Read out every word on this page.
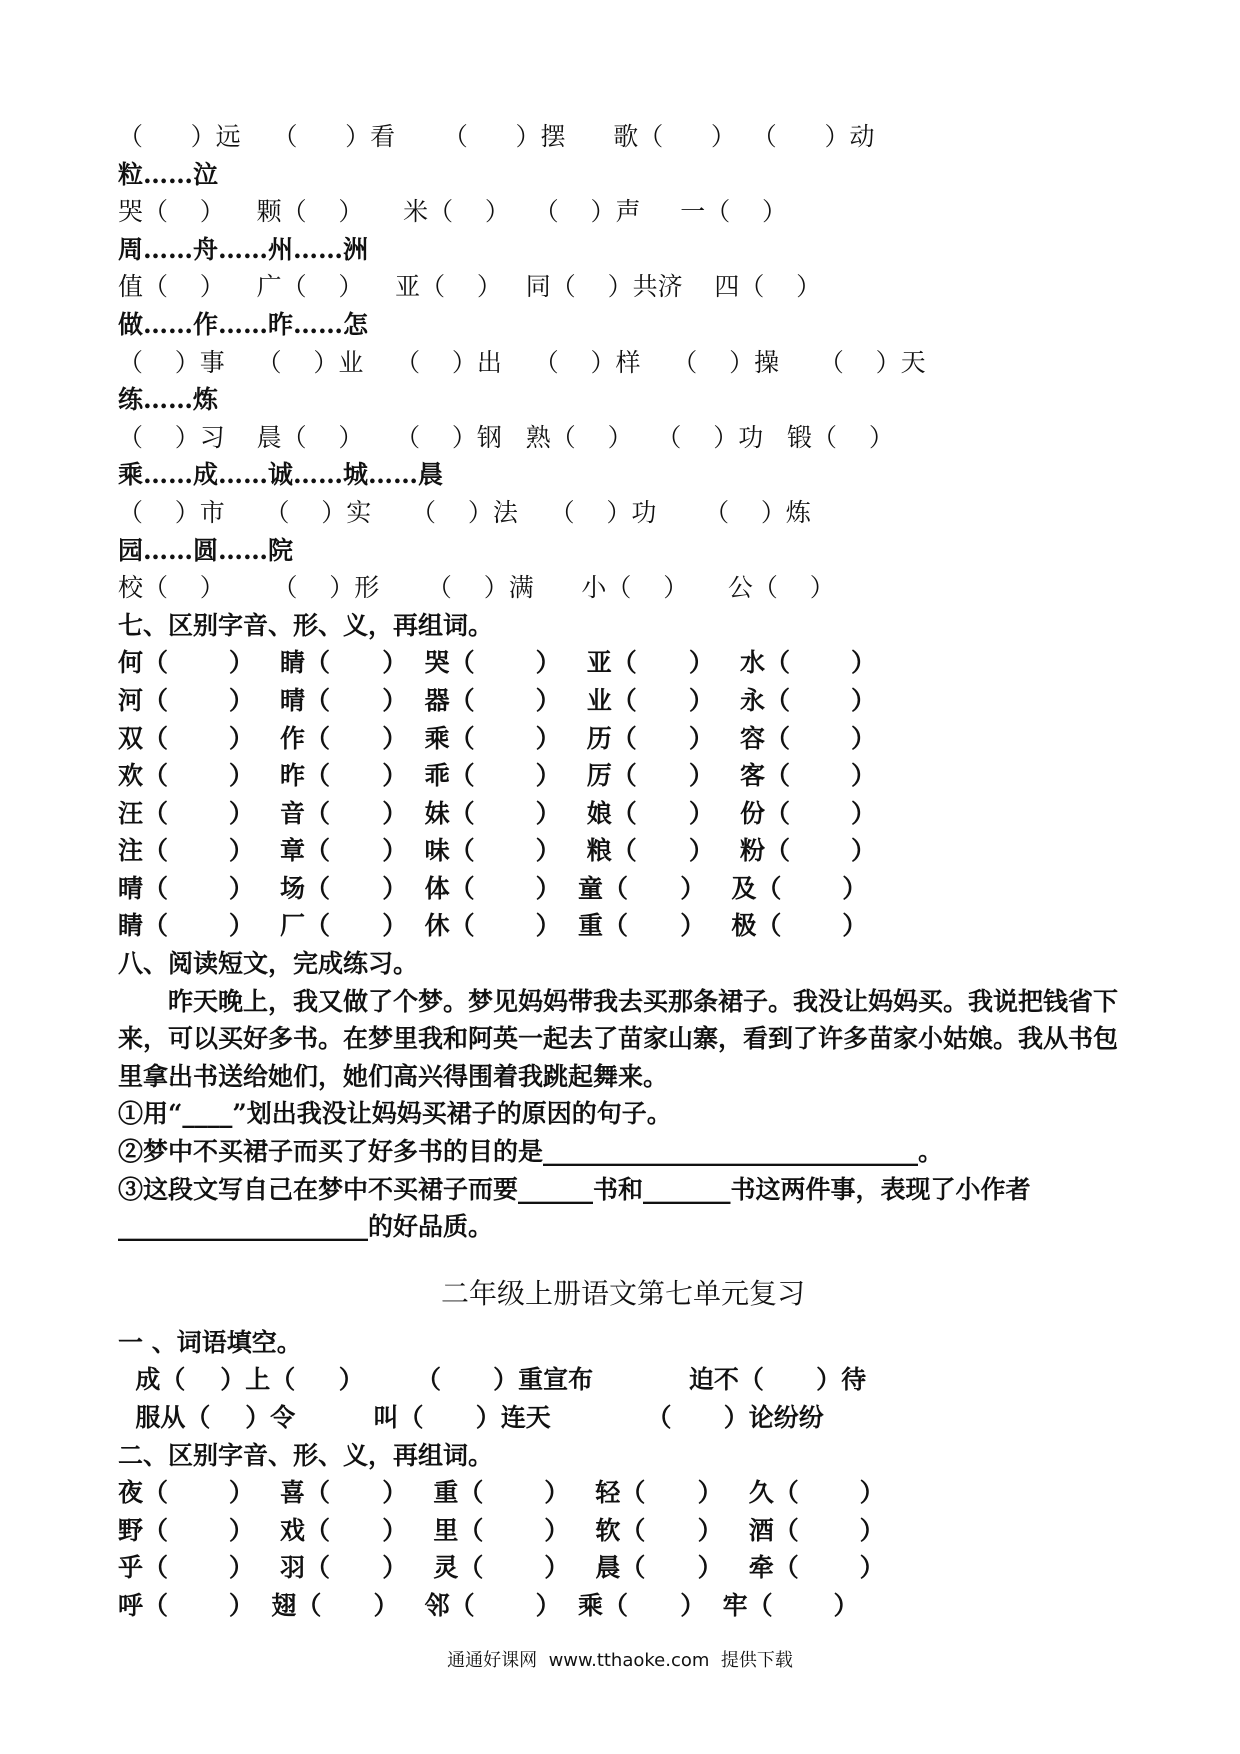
（      ）远    （      ）看      （      ）摆      歌（      ）  （      ）动
粒……泣
哭（    ）    颗（    ）     米（    ）   （    ）声     一（    ）
周……舟……州……洲
值（    ）    广（    ）    亚（    ）   同（    ）共济    四（    ）
做……作……昨……怎
（    ）事    （    ）业    （    ）出    （    ）样    （    ）操     （    ）天
练……炼
（    ）习    晨（    ）    （    ）钢   熟（    ）   （    ）功   锻（    ）
乘……成……诚……城……晨
（    ）市     （    ）实     （    ）法    （    ）功      （    ）炼
园……圆……院
校（    ）      （    ）形      （    ）满      小（    ）     公（    ）
七、区别字音、形、义，再组词。
何（       ）   睛（      ）  哭（       ）   亚（      ）   水（       ）
河（       ）   晴（      ）  器（       ）   业（      ）   永（       ）
双（       ）   作（      ）  乘（       ）   历（      ）   容（       ）
欢（       ）   昨（      ）  乖（       ）   厉（      ）   客（       ）
汪（       ）   音（      ）  妹（       ）   娘（      ）   份（       ）
注（       ）   章（      ）  味（       ）   粮（      ）   粉（       ）
晴（       ）   场（      ）  体（       ）  童（      ）   及（       ）
睛（       ）   厂（      ）  休（       ）  重（      ）   极（       ）
八、阅读短文，完成练习。
昨天晚上，我又做了个梦。梦见妈妈带我去买那条裙子。我没让妈妈买。我说把钱省下来，可以买好多书。在梦里我和阿英一起去了苗家山寨，看到了许多苗家小姑娘。我从书包里拿出书送给她们，她们高兴得围着我跳起舞来。
①用“____”划出我没让妈妈买裙子的原因的句子。
②梦中不买裙子而买了好多书的目的是______________________________。
③这段文写自己在梦中不买裙子而要______书和_______书这两件事，表现了小作者
____________________的好品质。
二年级上册语文第七单元复习
一 、词语填空。
成（    ）上（     ）      （      ）重宣布           迫不（      ）待
服从（    ）令         叫（      ）连天           （      ）论纷纷
二、区别字音、形、义，再组词。
夜（       ）   喜（      ）   重（       ）   轻（      ）   久（       ）
野（       ）   戏（      ）   里（       ）   软（      ）   酒（       ）
乎（       ）   羽（      ）   灵（       ）   晨（      ）   牵（       ）
呼（       ）  翅（      ）   邻（       ）  乘（      ）  牢（       ）
通通好课网  www.tthaoke.com  提供下载
